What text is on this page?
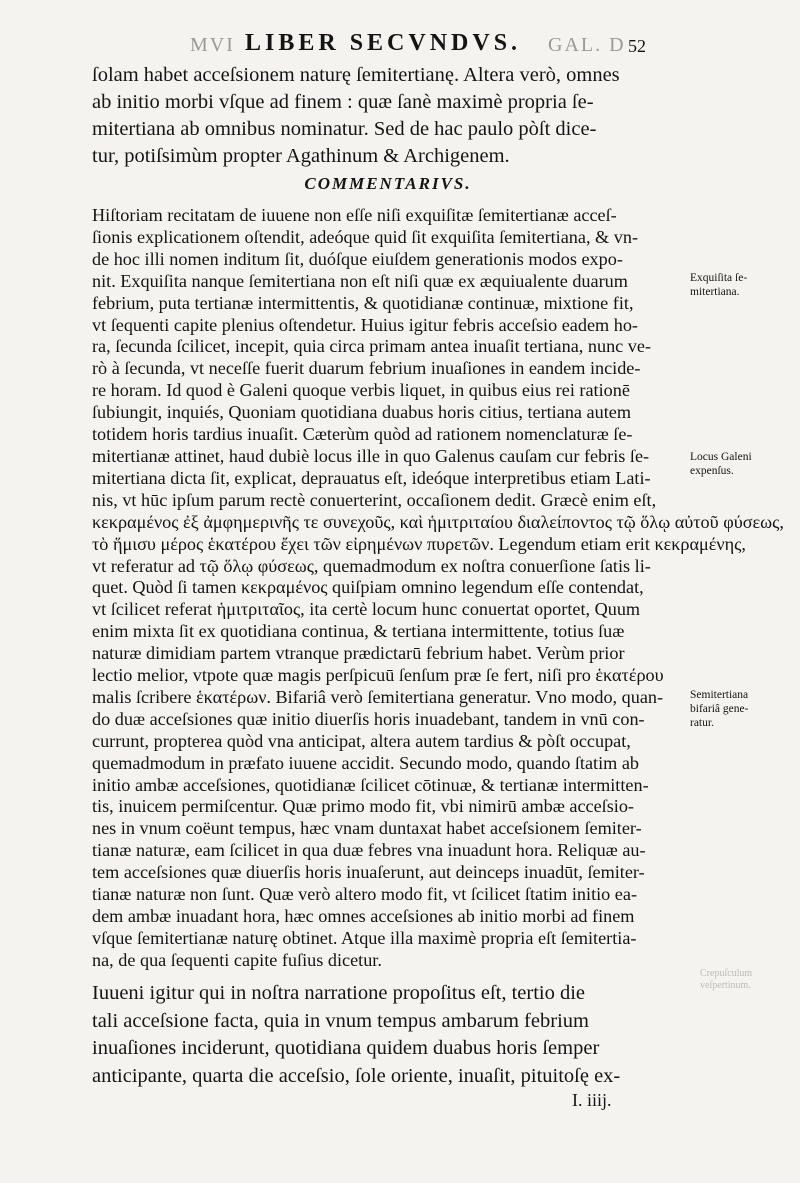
MVI LIBER SECVNDVS. GAL. D 52
ſolam habet acceſsionem naturę ſemitertianę. Altera verò, omnes
ab initio morbi vſque ad finem : quæ ſanè maximè propria ſe-
mitertiana ab omnibus nominatur. Sed de hac paulo pòſt dice-
tur, potiſsimùm propter Agathinum & Archigenem.
COMMENTARIVS.
Hiſtoriam recitatam de iuuene non eſſe niſi exquiſitæ ſemitertianæ acceſ-
ſionis explicationem oſtendit, adeóque quid ſit exquiſita ſemitertiana, & vn-
de hoc illi nomen inditum ſit, duóſque eiuſdem generationis modos expo-
nit. Exquiſita nanque ſemitertiana non eſt niſi quæ ex æquiualente duarum
febrium, puta tertianæ intermittentis, & quotidianæ continuæ, mixtione fit,
vt ſequenti capite plenius oſtendetur. Huius igitur febris acceſsio eadem ho-
ra, ſecunda ſcilicet, incepit, quia circa primam antea inuaſit tertiana, nunc ve-
rò à ſecunda, vt neceſſe fuerit duarum febrium inuaſiones in eandem incide-
re horam. Id quod è Galeni quoque verbis liquet, in quibus eius rei rationē
ſubiungit, inquiés, Quoniam quotidiana duabus horis citius, tertiana autem
totidem horis tardius inuaſit. Cæterùm quòd ad rationem nomenclaturæ ſe-
mitertianæ attinet, haud dubiè locus ille in quo Galenus cauſam cur febris ſe-
mitertiana dicta ſit, explicat, deprauatus eſt, ideóque interpretibus etiam Lati-
nis, vt hūc ipſum parum rectè conuerterint, occaſionem dedit. Græcè enim eſt,
κεκραμένος ἐξ ἀμφημερινῆς τε συνεχοῦς, καὶ ἡμιτριταίου διαλείποντος τῷ ὅλῳ αὐτοῦ φύσεως,
τὸ ἥμισυ μέρος ἑκατέρου ἔχει τῶν εἰρημένων πυρετῶν. Legendum etiam erit κεκραμένης,
vt referatur ad τῷ ὅλῳ φύσεως, quemadmodum ex noſtra conuerſione ſatis li-
quet. Quòd ſi tamen κεκραμένος quiſpiam omnino legendum eſſe contendat,
vt ſcilicet referat ἡμιτριταῖος, ita certè locum hunc conuertat oportet, Quum
enim mixta ſit ex quotidiana continua, & tertiana intermittente, totius ſuæ
naturæ dimidiam partem vtranque prædictarū febrium habet. Verùm prior
lectio melior, vtpote quæ magis perſpicuū ſenſum præ ſe fert, niſi pro ἑκατέρου
malis ſcribere ἑκατέρων. Bifariâ verò ſemitertiana generatur. Vno modo, quan-
do duæ acceſsiones quæ initio diuerſis horis inuadebant, tandem in vnū con-
currunt, propterea quòd vna anticipat, altera autem tardius & pòſt occupat,
quemadmodum in præfato iuuene accidit. Secundo modo, quando ſtatim ab
initio ambæ acceſsiones, quotidianæ ſcilicet cōtinuæ, & tertianæ intermitten-
tis, inuicem permiſcentur. Quæ primo modo fit, vbi nimirū ambæ acceſsio-
nes in vnum coëunt tempus, hæc vnam duntaxat habet acceſsionem ſemiter-
tianæ naturæ, eam ſcilicet in qua duæ febres vna inuadunt hora. Reliquæ au-
tem acceſsiones quæ diuerſis horis inuaſerunt, aut deinceps inuadūt, ſemiter-
tianæ naturæ non ſunt. Quæ verò altero modo fit, vt ſcilicet ſtatim initio ea-
dem ambæ inuadant hora, hæc omnes acceſsiones ab initio morbi ad finem
vſque ſemitertianæ naturę obtinet. Atque illa maximè propria eſt ſemitertia-
na, de qua ſequenti capite fuſius dicetur.
Iuueni igitur qui in noſtra narratione propoſitus eſt, tertio die
tali acceſsione facta, quia in vnum tempus ambarum febrium
inuaſiones inciderunt, quotidiana quidem duabus horis ſemper
anticipante, quarta die acceſsio, ſole oriente, inuaſit, pituitoſę ex-
I. iiij.
Exquiſita ſe-
mitertiana.
Locus Galeni
expenſus.
Semitertiana
bifariâ gene-
ratur.
Crepuſculum
veſpertinum.
